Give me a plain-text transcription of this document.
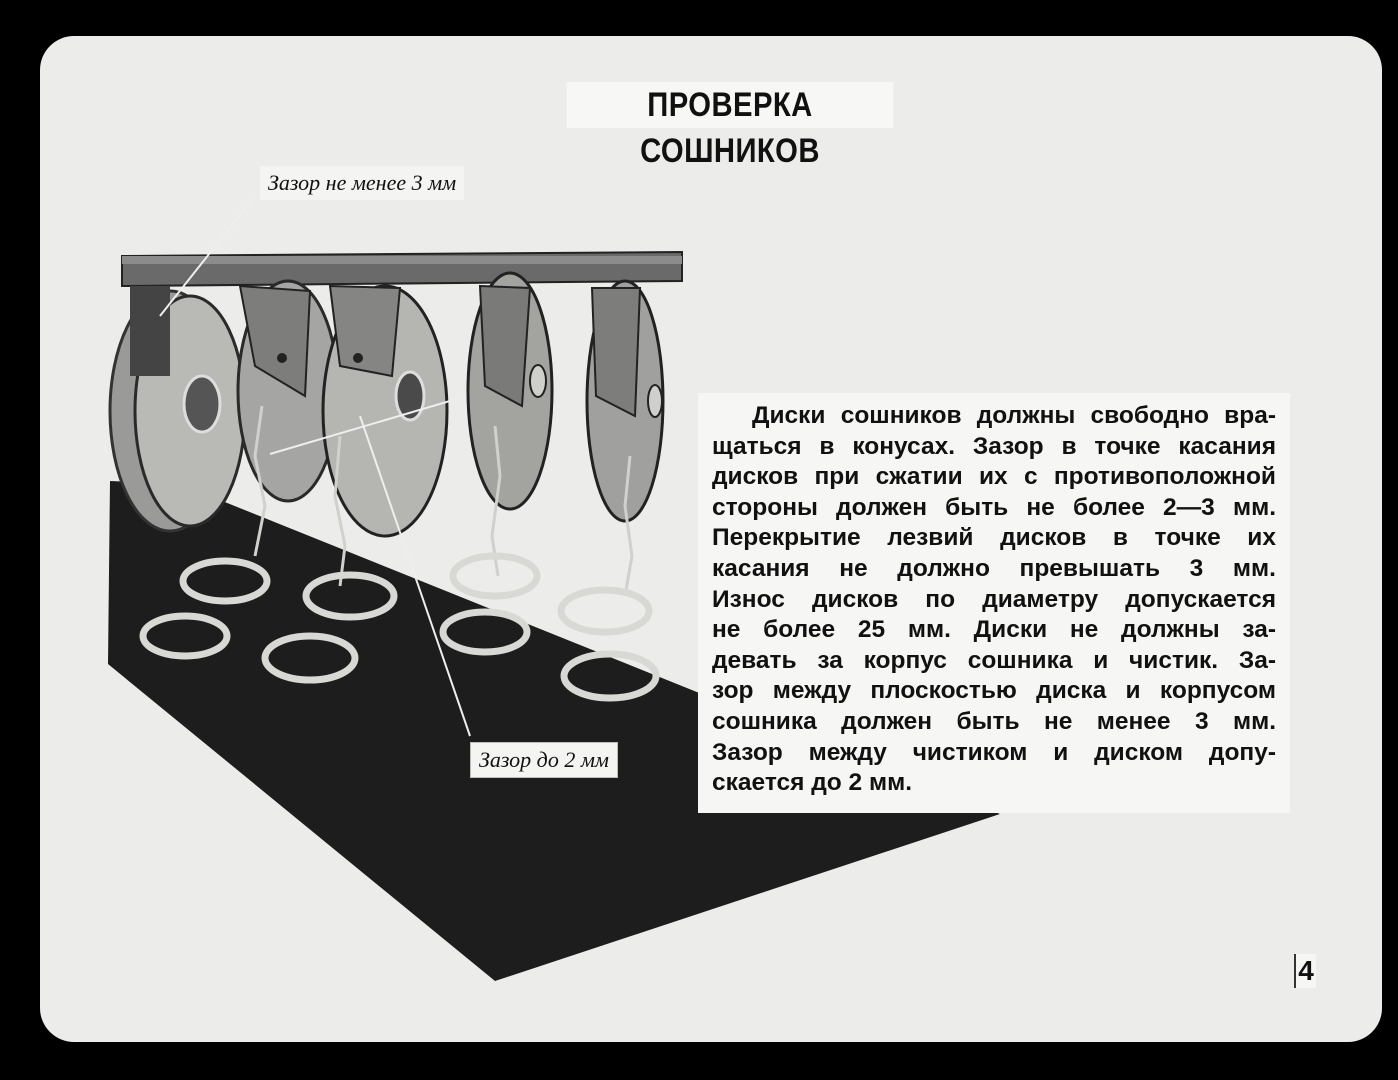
ПРОВЕРКА СОШНИКОВ
Зазор не менее 3 мм
Зазор до 2 мм
Диски сошников должны свободно вра-
щаться в конусах. Зазор в точке касания
дисков при сжатии их с противоположной
стороны должен быть не более 2—3 мм.
Перекрытие лезвий дисков в точке их
касания не должно превышать 3 мм.
Износ дисков по диаметру допускается
не более 25 мм. Диски не должны за-
девать за корпус сошника и чистик. За-
зор между плоскостью диска и корпусом
сошника должен быть не менее 3 мм.
Зазор между чистиком и диском допу-
скается до 2 мм.
4
